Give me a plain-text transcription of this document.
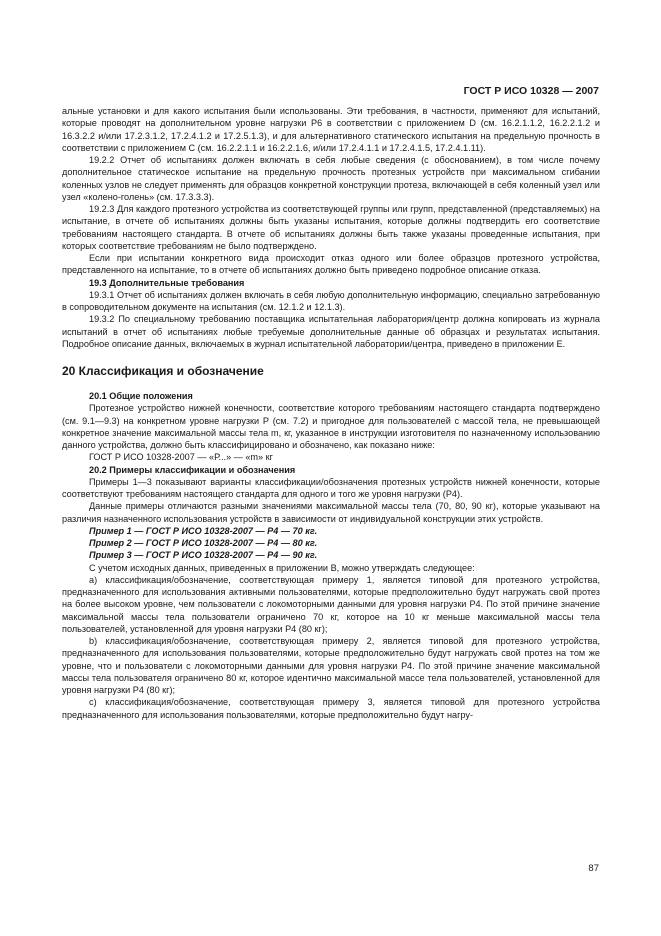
ГОСТ Р ИСО 10328 — 2007

альные установки и для какого испытания были использованы. Эти требования, в частности, применяют для испытаний, которые проводят на дополнительном уровне нагрузки Р6 в соответствии с приложением D (см. 16.2.1.1.2, 16.2.2.1.2 и 16.3.2.2 и/или 17.2.3.1.2, 17.2.4.1.2 и 17.2.5.1.3), и для альтернативного статического испытания на предельную прочность в соответствии с приложением С (см. 16.2.2.1.1 и 16.2.2.1.6, и/или 17.2.4.1.1 и 17.2.4.1.5, 17.2.4.1.11).

19.2.2 Отчет об испытаниях должен включать в себя любые сведения (с обоснованием), в том числе почему дополнительное статическое испытание на предельную прочность протезных устройств при максимальном сгибании коленных узлов не следует применять для образцов конкретной конструкции протеза, включающей в себя коленный узел или узел «колено-голень» (см. 17.3.3.3).

19.2.3 Для каждого протезного устройства из соответствующей группы или групп, представленной (представляемых) на испытание, в отчете об испытаниях должны быть указаны испытания, которые должны подтвердить его соответствие требованиям настоящего стандарта. В отчете об испытаниях должны быть также указаны проведенные испытания, при которых соответствие требованиям не было подтверждено.

Если при испытании конкретного вида происходит отказ одного или более образцов протезного устройства, представленного на испытание, то в отчете об испытаниях должно быть приведено подробное описание отказа.

19.3 Дополнительные требования

19.3.1 Отчет об испытаниях должен включать в себя любую дополнительную информацию, специально затребованную в сопроводительном документе на испытания (см. 12.1.2 и 12.1.3).

19.3.2 По специальному требованию поставщика испытательная лаборатория/центр должна копировать из журнала испытаний в отчет об испытаниях любые требуемые дополнительные данные об образцах и результатах испытания. Подробное описание данных, включаемых в журнал испытательной лаборатории/центра, приведено в приложении Е.

20 Классификация и обозначение

20.1 Общие положения

Протезное устройство нижней конечности, соответствие которого требованиям настоящего стандарта подтверждено (см. 9.1—9.3) на конкретном уровне нагрузки Р (см. 7.2) и пригодное для пользователей с массой тела, не превышающей конкретное значение максимальной массы тела m, кг, указанное в инструкции изготовителя по назначенному использованию данного устройства, должно быть классифицировано и обозначено, как показано ниже:

ГОСТ Р ИСО 10328-2007 — «Р...» — «m» кг

20.2 Примеры классификации и обозначения

Примеры 1—3 показывают варианты классификации/обозначения протезных устройств нижней конечности, которые соответствуют требованиям настоящего стандарта для одного и того же уровня нагрузки (Р4).

Данные примеры отличаются разными значениями максимальной массы тела (70, 80, 90 кг), которые указывают на различия назначенного использования устройств в зависимости от индивидуальной конструкции этих устройств.

Пример 1 — ГОСТ Р ИСО 10328-2007 — Р4 — 70 кг.

Пример 2 — ГОСТ Р ИСО 10328-2007 — Р4 — 80 кг.

Пример 3 — ГОСТ Р ИСО 10328-2007 — Р4 — 90 кг.

С учетом исходных данных, приведенных в приложении В, можно утверждать следующее:

а) классификация/обозначение, соответствующая примеру 1, является типовой для протезного устройства, предназначенного для использования активными пользователями, которые предположительно будут нагружать свой протез на более высоком уровне, чем пользователи с локомоторными данными для уровня нагрузки Р4. По этой причине значение максимальной массы тела пользователи ограничено 70 кг, которое на 10 кг меньше максимальной массы тела пользователей, установленной для уровня нагрузки Р4 (80 кг);

b) классификация/обозначение, соответствующая примеру 2, является типовой для протезного устройства, предназначенного для использования пользователями, которые предположительно будут нагружать свой протез на том же уровне, что и пользователи с локомоторными данными для уровня нагрузки Р4. По этой причине значение максимальной массы тела пользователя ограничено 80 кг, которое идентично максимальной массе тела пользователей, установленной для уровня нагрузки Р4 (80 кг);

с) классификация/обозначение, соответствующая примеру 3, является типовой для протезного устройства предназначенного для использования пользователями, которые предположительно будут нагру-

87
